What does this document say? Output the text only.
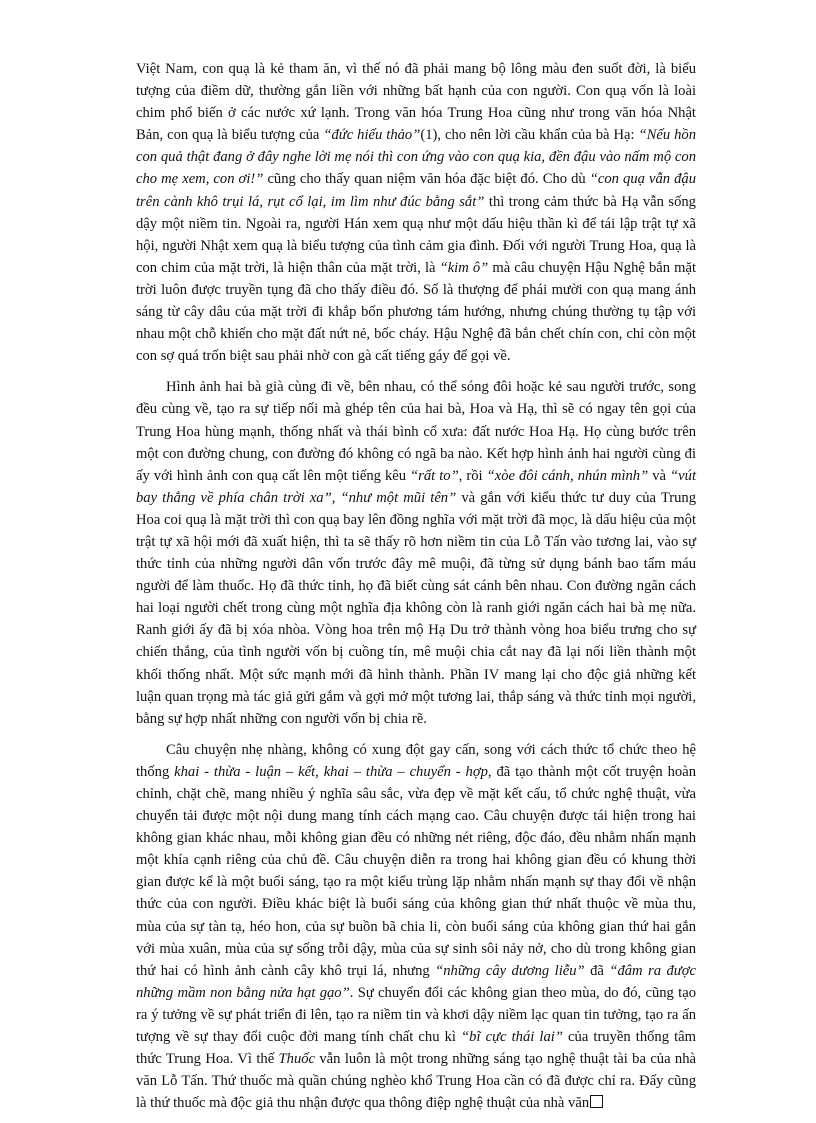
Việt Nam, con quạ là kẻ tham ăn, vì thế nó đã phải mang bộ lông màu đen suốt đời, là biểu tượng của điềm dữ, thường gắn liền với những bất hạnh của con người. Con quạ vốn là loài chim phổ biến ở các nước xứ lạnh. Trong văn hóa Trung Hoa cũng như trong văn hóa Nhật Bản, con quạ là biểu tượng của “đức hiếu thảo”(1), cho nên lời cầu khẩn của bà Hạ: “Nếu hồn con quả thật đang ở đây nghe lời mẹ nói thì con ứng vào con quạ kia, đền đậu vào nấm mộ con cho mẹ xem, con ơi!” cũng cho thấy quan niệm văn hóa đặc biệt đó. Cho dù “con quạ vẫn đậu trên cành khô trụi lá, rụt cổ lại, im lìm như đúc bằng sắt” thì trong cảm thức bà Hạ vẫn sống dậy một niềm tin. Ngoài ra, người Hán xem quạ như một dấu hiệu thần kì để tái lập trật tự xã hội, người Nhật xem quạ là biểu tượng của tình cảm gia đình. Đối với người Trung Hoa, quạ là con chim của mặt trời, là hiện thân của mặt trời, là “kim ô” mà câu chuyện Hậu Nghệ bắn mặt trời luôn được truyền tụng đã cho thấy điều đó. Số là thượng đế phái mười con quạ mang ánh sáng từ cây dâu của mặt trời đi khắp bốn phương tám hướng, nhưng chúng thường tụ tập với nhau một chỗ khiến cho mặt đất nứt nẻ, bốc cháy. Hậu Nghệ đã bắn chết chín con, chỉ còn một con sợ quá trốn biệt sau phải nhờ con gà cất tiếng gáy để gọi về.

Hình ảnh hai bà già cùng đi về, bên nhau, có thể sóng đôi hoặc kẻ sau người trước, song đều cùng về, tạo ra sự tiếp nối mà ghép tên của hai bà, Hoa và Hạ, thì sẽ có ngay tên gọi của Trung Hoa hùng mạnh, thống nhất và thái bình cổ xưa: đất nước Hoa Hạ. Họ cùng bước trên một con đường chung, con đường đó không có ngã ba nào. Kết hợp hình ảnh hai người cùng đi ấy với hình ảnh con quạ cất lên một tiếng kêu “rất to”, rồi “xòe đôi cánh, nhún mình” và “vút bay thẳng về phía chân trời xa”, “như một mũi tên” và gắn với kiểu thức tư duy của Trung Hoa coi quạ là mặt trời thì con quạ bay lên đồng nghĩa với mặt trời đã mọc, là dấu hiệu của một trật tự xã hội mới đã xuất hiện, thì ta sẽ thấy rõ hơn niềm tin của Lỗ Tấn vào tương lai, vào sự thức tỉnh của những người dân vốn trước đây mê muội, đã từng sử dụng bánh bao tẩm máu người để làm thuốc. Họ đã thức tỉnh, họ đã biết cùng sát cánh bên nhau. Con đường ngăn cách hai loại người chết trong cùng một nghĩa địa không còn là ranh giới ngăn cách hai bà mẹ nữa. Ranh giới ấy đã bị xóa nhòa. Vòng hoa trên mộ Hạ Du trở thành vòng hoa biểu trưng cho sự chiến thắng, của tình người vốn bị cuồng tín, mê muội chia cắt nay đã lại nối liền thành một khối thống nhất. Một sức mạnh mới đã hình thành. Phần IV mang lại cho độc giả những kết luận quan trọng mà tác giả gửi gắm và gợi mở một tương lai, thắp sáng và thức tỉnh mọi người, bằng sự hợp nhất những con người vốn bị chia rẽ.

Câu chuyện nhẹ nhàng, không có xung đột gay cấn, song với cách thức tổ chức theo hệ thống khai - thừa - luận – kết, khai – thừa – chuyển - hợp, đã tạo thành một cốt truyện hoàn chỉnh, chặt chẽ, mang nhiều ý nghĩa sâu sắc, vừa đẹp về mặt kết cấu, tổ chức nghệ thuật, vừa chuyển tải được một nội dung mang tính cách mạng cao. Câu chuyện được tái hiện trong hai không gian khác nhau, mỗi không gian đều có những nét riêng, độc đáo, đều nhằm nhấn mạnh một khía cạnh riêng của chủ đề. Câu chuyện diễn ra trong hai không gian đều có khung thời gian được kể là một buổi sáng, tạo ra một kiểu trùng lặp nhằm nhấn mạnh sự thay đổi về nhận thức của con người. Điều khác biệt là buổi sáng của không gian thứ nhất thuộc về mùa thu, mùa của sự tàn tạ, héo hon, của sự buồn bã chia li, còn buổi sáng của không gian thứ hai gắn với mùa xuân, mùa của sự sống trỗi dậy, mùa của sự sinh sôi nảy nở, cho dù trong không gian thứ hai có hình ảnh cành cây khô trụi lá, nhưng “những cây dương liễu” đã “đâm ra được những mầm non bằng nửa hạt gạo”. Sự chuyển đổi các không gian theo mùa, do đó, cũng tạo ra ý tưởng về sự phát triển đi lên, tạo ra niềm tin và khơi dậy niềm lạc quan tin tưởng, tạo ra ấn tượng về sự thay đổi cuộc đời mang tính chất chu kì “bĩ cực thái lai” của truyền thống tâm thức Trung Hoa. Vì thế Thuốc vẫn luôn là một trong những sáng tạo nghệ thuật tài ba của nhà văn Lỗ Tấn. Thứ thuốc mà quần chúng nghèo khổ Trung Hoa cần có đã được chỉ ra. Đấy cũng là thứ thuốc mà độc giả thu nhận được qua thông điệp nghệ thuật của nhà văn
